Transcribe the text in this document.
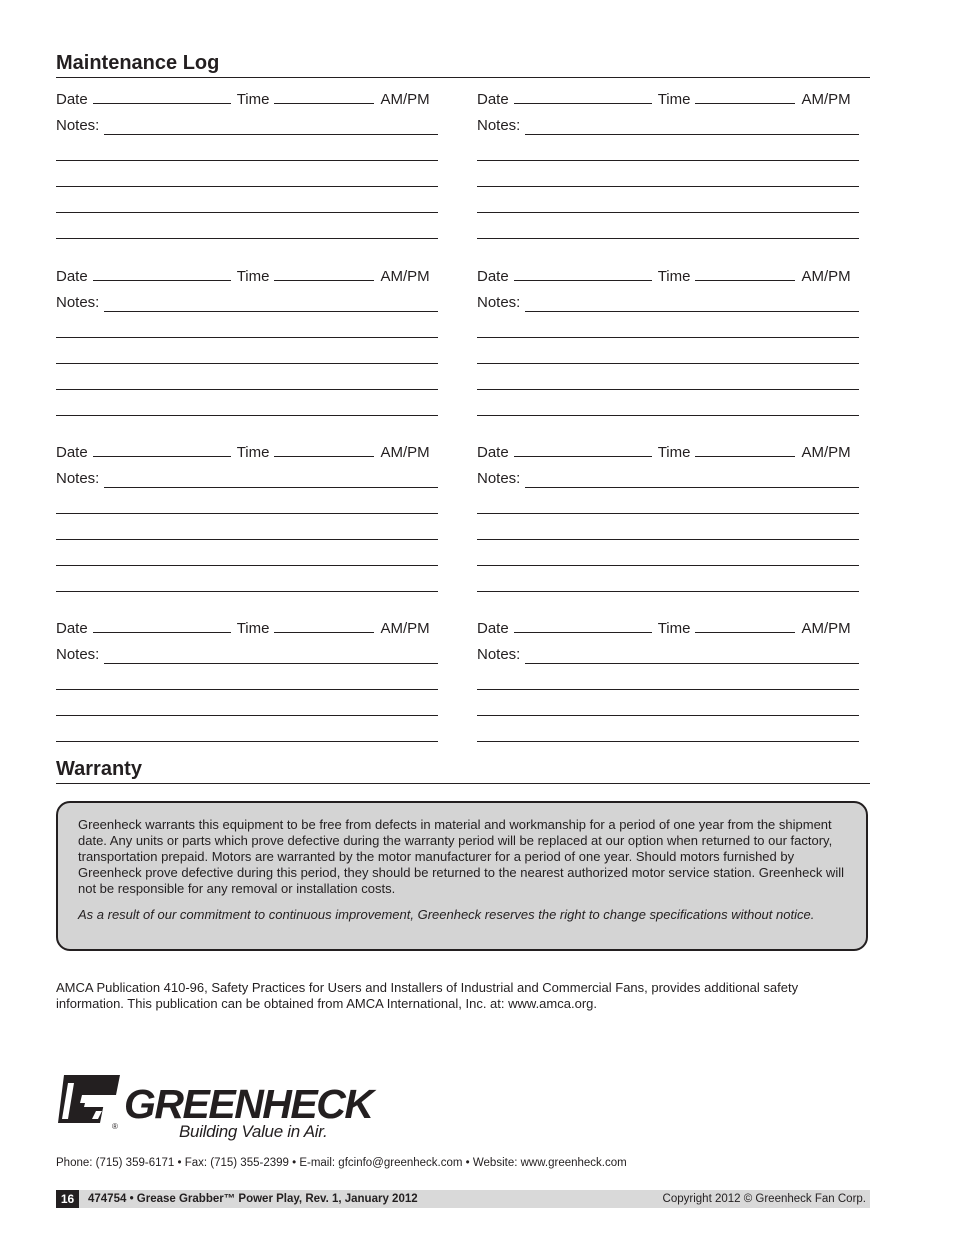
Maintenance Log
Date	Time	AM/PM
Notes:
Date	Time	AM/PM
Notes:
Date	Time	AM/PM
Notes:
Date	Time	AM/PM
Notes:
Date	Time	AM/PM
Notes:
Date	Time	AM/PM
Notes:
Date	Time	AM/PM
Notes:
Date	Time	AM/PM
Notes:
Warranty
Greenheck warrants this equipment to be free from defects in material and workmanship for a period of one year from the shipment date. Any units or parts which prove defective during the warranty period will be replaced at our option when returned to our factory, transportation prepaid. Motors are warranted by the motor manufacturer for a period of one year. Should motors furnished by Greenheck prove defective during this period, they should be returned to the nearest authorized motor service station. Greenheck will not be responsible for any removal or installation costs.
As a result of our commitment to continuous improvement, Greenheck reserves the right to change specifications without notice.
AMCA Publication 410-96, Safety Practices for Users and Installers of Industrial and Commercial Fans, provides additional safety information. This publication can be obtained from AMCA International, Inc. at: www.amca.org.
GREENHECK
®	Building Value in Air.
Phone: (715) 359-6171 • Fax: (715) 355-2399 • E-mail: gfcinfo@greenheck.com • Website: www.greenheck.com
16	474754 • Grease Grabber™ Power Play, Rev. 1, January 2012	Copyright 2012 © Greenheck Fan Corp.
